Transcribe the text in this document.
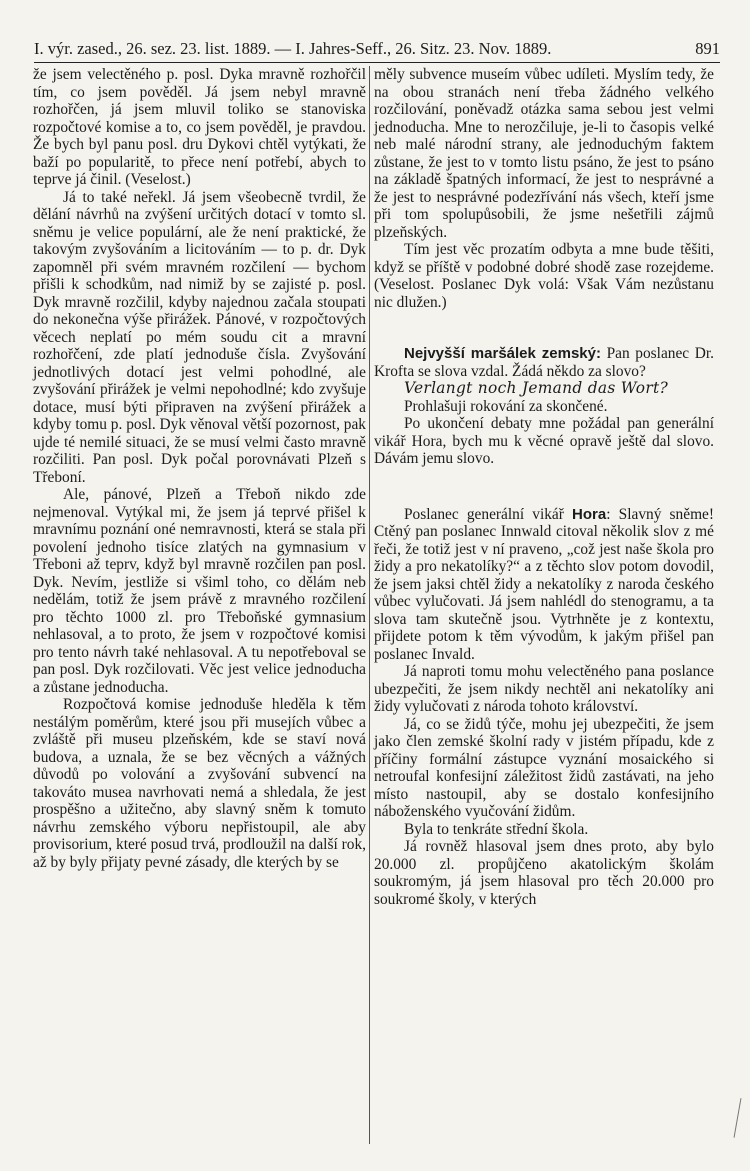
I. výr. zased., 26. sez. 23. list. 1889. — I. Jahres-Seff., 26. Sitz. 23. Nov. 1889.	891

že jsem velectěného p. posl. Dyka mravně rozhořčil tím, co jsem pověděl. Já jsem nebyl mravně rozhořčen, já jsem mluvil toliko se stanoviska rozpočtové komise a to, co jsem pověděl, je pravdou. Že bych byl panu posl. dru Dykovi chtěl vytýkati, že baží po popularitě, to přece není potřebí, abych to teprve já činil. (Veselost.)

Já to také neřekl. Já jsem všeobecně tvrdil, že dělání návrhů na zvýšení určitých dotací v tomto sl. sněmu je velice populární, ale že není praktické, že takovým zvyšováním a licitováním — to p. dr. Dyk zapomněl při svém mravném rozčilení — bychom přišli k schodkům, nad nimiž by se zajisté p. posl. Dyk mravně rozčilil, kdyby najednou začala stoupati do nekonečna výše přirážek. Pánové, v rozpočtových věcech neplatí po mém soudu cit a mravní rozhořčení, zde platí jednoduše čísla. Zvyšování jednotlivých dotací jest velmi pohodlné, ale zvyšování přirážek je velmi nepohodlné; kdo zvyšuje dotace, musí býti připraven na zvýšení přirážek a kdyby tomu p. posl. Dyk věnoval větší pozornost, pak ujde té nemilé situaci, že se musí velmi často mravně rozčiliti. Pan posl. Dyk počal porovnávati Plzeň s Třeboní.

Ale, pánové, Plzeň a Třeboň nikdo zde nejmenoval. Vytýkal mi, že jsem já teprvé přišel k mravnímu poznání oné nemravnosti, která se stala při povolení jednoho tisíce zlatých na gymnasium v Třeboni až teprv, když byl mravně rozčilen pan posl. Dyk. Nevím, jestliže si všiml toho, co dělám neb nedělám, totiž že jsem právě z mravného rozčilení pro těchto 1000 zl. pro Třeboňské gymnasium nehlasoval, a to proto, že jsem v rozpočtové komisi pro tento návrh také nehlasoval. A tu nepotřeboval se pan posl. Dyk rozčilovati. Věc jest velice jednoducha a zůstane jednoducha.

Rozpočtová komise jednoduše hleděla k těm nestálým poměrům, které jsou při musejích vůbec a zvláště při museu plzeňském, kde se staví nová budova, a uznala, že se bez věcných a vážných důvodů po volování a zvyšování subvencí na takováto musea navrhovati nemá a shledala, že jest prospěšno a užitečno, aby slavný sněm k tomuto návrhu zemského výboru nepřistoupil, ale aby provisorium, které posud trvá, prodloužil na další rok, až by byly přijaty pevné zásady, dle kterých by se

měly subvence museím vůbec udíleti. Myslím tedy, že na obou stranách není třeba žádného velkého rozčilování, poněvadž otázka sama sebou jest velmi jednoducha. Mne to nerozčiluje, je-li to časopis velké neb malé národní strany, ale jednoduchým faktem zůstane, že jest to v tomto listu psáno, že jest to psáno na základě špatných informací, že jest to nesprávné a že jest to nesprávné podezřívání nás všech, kteří jsme při tom spolupůsobili, že jsme nešetřili zájmů plzeňských.

Tím jest věc prozatím odbyta a mne bude těšiti, když se příště v podobné dobré shodě zase rozejdeme. (Veselost. Poslanec Dyk volá: Však Vám nezůstanu nic dlužen.)

Nejvyšší maršálek zemský: Pan poslanec Dr. Krofta se slova vzdal. Žádá někdo za slovo?

Verlangt noch Jemand das Wort?

Prohlašuji rokování za skončené.

Po ukončení debaty mne požádal pan generální vikář Hora, bych mu k věcné opravě ještě dal slovo. Dávám jemu slovo.

Poslanec generální vikář Hora: Slavný sněme! Ctěný pan poslanec Innwald citoval několik slov z mé řeči, že totiž jest v ní praveno, „což jest naše škola pro židy a pro nekatolíky?“ a z těchto slov potom dovodil, že jsem jaksi chtěl židy a nekatolíky z naroda českého vůbec vylučovati. Já jsem nahlédl do stenogramu, a ta slova tam skutečně jsou. Vytrhněte je z kontextu, přijdete potom k těm vývodům, k jakým přišel pan poslanec Invald.

Já naproti tomu mohu velectěného pana poslance ubezpečiti, že jsem nikdy nechtěl ani nekatolíky ani židy vylučovati z národa tohoto království.

Já, co se židů týče, mohu jej ubezpečiti, že jsem jako člen zemské školní rady v jistém případu, kde z příčiny formální zástupce vyznání mosaického si netroufal konfesijní záležitost židů zastávati, na jeho místo nastoupil, aby se dostalo konfesijního náboženského vyučování židům.

Byla to tenkráte střední škola.

Já rovněž hlasoval jsem dnes proto, aby bylo 20.000 zl. propůjčeno akatolickým školám soukromým, já jsem hlasoval pro těch 20.000 pro soukromé školy, v kterých
